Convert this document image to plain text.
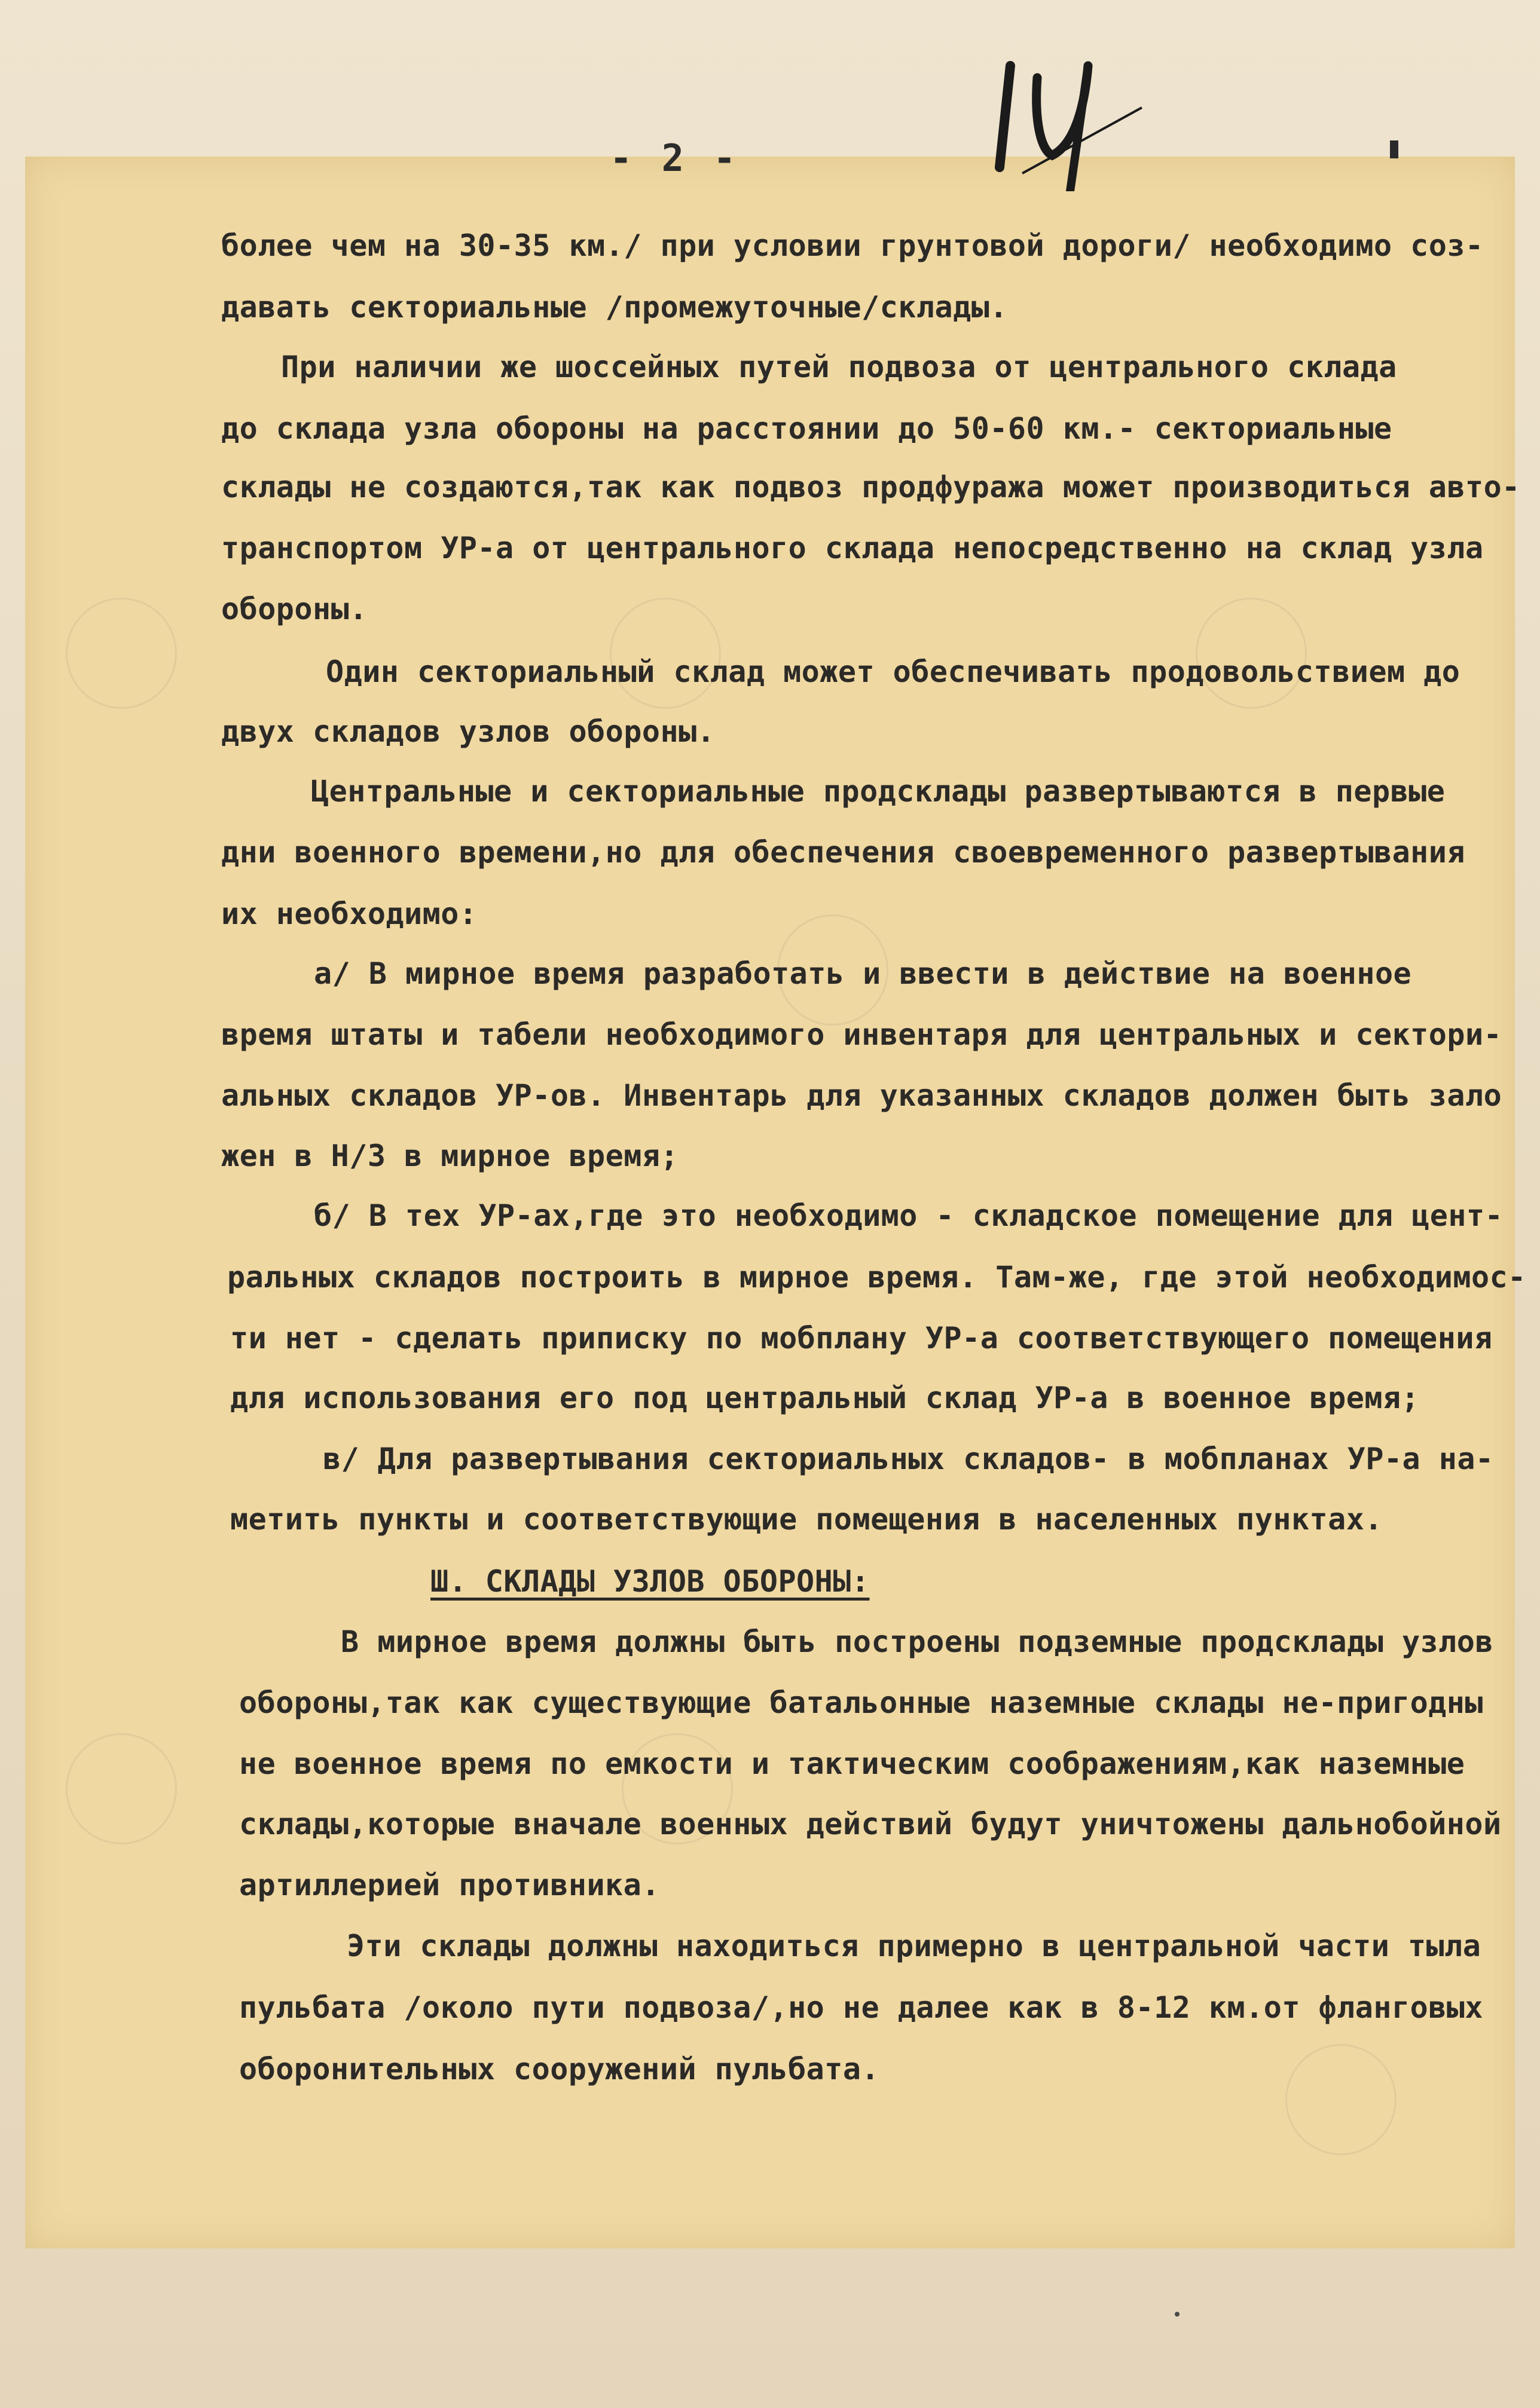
- 2 -
более чем на 30-35 км./ при условии грунтовой дороги/ необходимо соз-
давать секториальные /промежуточные/склады.
При наличии же шоссейных путей подвоза от центрального склада
до склада узла обороны на расстоянии до 50-60 км.- секториальные
склады не создаются,так как подвоз продфуража может производиться авто-
транспортом УР-а от центрального склада непосредственно на склад узла
обороны.
Один секториальный склад может обеспечивать продовольствием до
двух складов узлов обороны.
Центральные и секториальные продсклады развертываются в первые
дни военного времени,но для обеспечения своевременного развертывания
их необходимо:
а/ В мирное время разработать и ввести в действие на военное
время штаты и табели необходимого инвентаря для центральных и сектори-
альных складов УР-ов. Инвентарь для указанных складов должен быть зало
жен в Н/З в мирное время;
б/ В тех УР-ах,где это необходимо - складское помещение для цент-
ральных складов построить в мирное время. Там-же, где этой необходимос-
ти нет - сделать приписку по мобплану УР-а соответствующего помещения
для использования его под центральный склад УР-а в военное время;
в/ Для развертывания секториальных складов- в мобпланах УР-а на-
метить пункты и соответствующие помещения в населенных пунктах.
Ш. СКЛАДЫ УЗЛОВ ОБОРОНЫ:
В мирное время должны быть построены подземные продсклады узлов
обороны,так как существующие батальонные наземные склады не-пригодны
не военное время по емкости и тактическим соображениям,как наземные
склады,которые вначале военных действий будут уничтожены дальнобойной
артиллерией противника.
Эти склады должны находиться примерно в центральной части тыла
пульбата /около пути подвоза/,но не далее как в 8-12 км.от фланговых
оборонительных сооружений пульбата.
